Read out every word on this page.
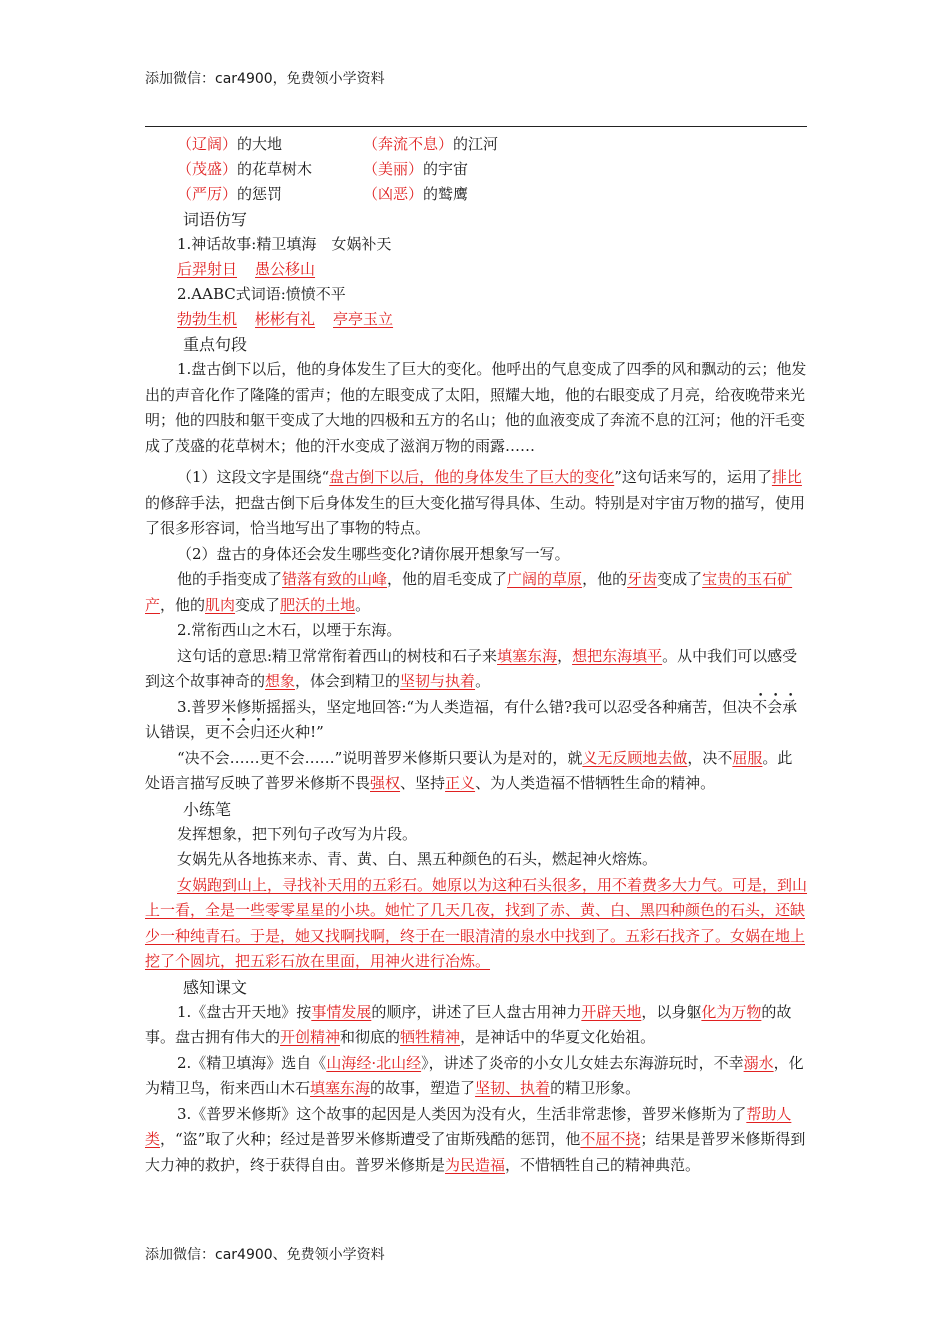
添加微信：car4900，免费领小学资料
（辽阔）的大地	（奔流不息）的江河
（茂盛）的花草树木	（美丽）的宇宙
（严厉）的惩罚	（凶恶）的鹫鹰

词语仿写

1.神话故事:精卫填海　女娲补天

后羿射日 愚公移山

2.AABC式词语:愤愤不平

勃勃生机 彬彬有礼 亭亭玉立

重点句段

1.盘古倒下以后，他的身体发生了巨大的变化。他呼出的气息变成了四季的风和飘动的云；他发出的声音化作了隆隆的雷声；他的左眼变成了太阳，照耀大地，他的右眼变成了月亮，给夜晚带来光明；他的四肢和躯干变成了大地的四极和五方的名山；他的血液变成了奔流不息的江河；他的汗毛变成了茂盛的花草树木；他的汗水变成了滋润万物的雨露……

（1）这段文字是围绕“盘古倒下以后，他的身体发生了巨大的变化”这句话来写的，运用了排比的修辞手法，把盘古倒下后身体发生的巨大变化描写得具体、生动。特别是对宇宙万物的描写，使用了很多形容词，恰当地写出了事物的特点。

（2）盘古的身体还会发生哪些变化?请你展开想象写一写。

他的手指变成了错落有致的山峰，他的眉毛变成了广阔的草原，他的牙齿变成了宝贵的玉石矿产，他的肌肉变成了肥沃的土地。

2.常衔西山之木石，以堙于东海。

这句话的意思:精卫常常衔着西山的树枝和石子来填塞东海，想把东海填平。从中我们可以感受到这个故事神奇的想象，体会到精卫的坚韧与执着。

3.普罗米修斯摇摇头，坚定地回答:“为人类造福，有什么错?我可以忍受各种痛苦，但决不会承认错误，更不会归还火种!”

“决不会……更不会……”说明普罗米修斯只要认为是对的，就义无反顾地去做，决不屈服。此处语言描写反映了普罗米修斯不畏强权、坚持正义、为人类造福不惜牺牲生命的精神。

小练笔

发挥想象，把下列句子改写为片段。

女娲先从各地拣来赤、青、黄、白、黑五种颜色的石头，燃起神火熔炼。

女娲跑到山上，寻找补天用的五彩石。她原以为这种石头很多，用不着费多大力气。可是，到山上一看，全是一些零零星星的小块。她忙了几天几夜，找到了赤、黄、白、黑四种颜色的石头，还缺少一种纯青石。于是，她又找啊找啊，终于在一眼清清的泉水中找到了。五彩石找齐了。女娲在地上挖了个圆坑，把五彩石放在里面，用神火进行冶炼。

感知课文

1.《盘古开天地》按事情发展的顺序，讲述了巨人盘古用神力开辟天地，以身躯化为万物的故事。盘古拥有伟大的开创精神和彻底的牺牲精神，是神话中的华夏文化始祖。

2.《精卫填海》选自《山海经·北山经》，讲述了炎帝的小女儿女娃去东海游玩时，不幸溺水，化为精卫鸟，衔来西山木石填塞东海的故事，塑造了坚韧、执着的精卫形象。

3.《普罗米修斯》这个故事的起因是人类因为没有火，生活非常悲惨，普罗米修斯为了帮助人类，“盗”取了火种；经过是普罗米修斯遭受了宙斯残酷的惩罚，他不屈不挠；结果是普罗米修斯得到大力神的救护，终于获得自由。普罗米修斯是为民造福，不惜牺牲自己的精神典范。

添加微信：car4900、免费领小学资料
